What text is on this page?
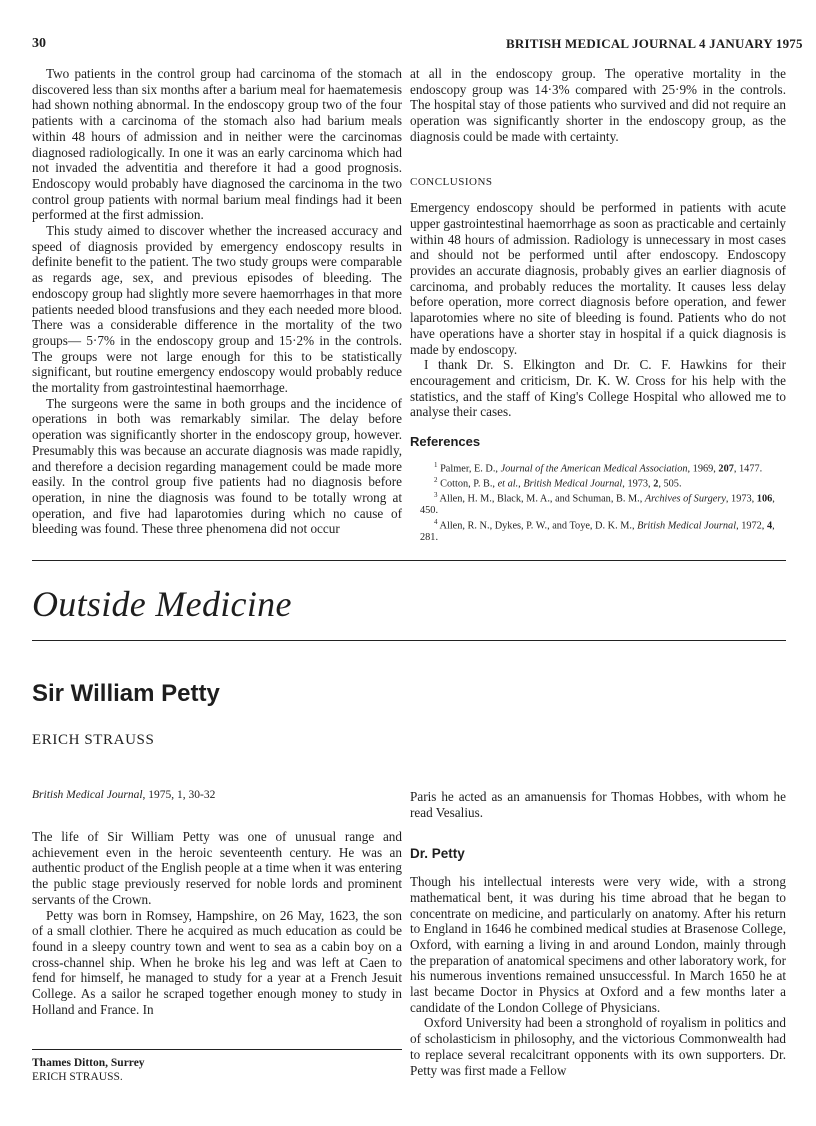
30	BRITISH MEDICAL JOURNAL 4 JANUARY 1975

Two patients in the control group had carcinoma of the stomach discovered less than six months after a barium meal for haematemesis had shown nothing abnormal. In the endoscopy group two of the four patients with a carcinoma of the stomach also had barium meals within 48 hours of admission and in neither were the carcinomas diagnosed radiologically. In one it was an early carcinoma which had not invaded the adventitia and therefore it had a good prognosis. Endoscopy would probably have diagnosed the carcinoma in the two control group patients with normal barium meal findings had it been performed at the first admission.

This study aimed to discover whether the increased accuracy and speed of diagnosis provided by emergency endoscopy results in definite benefit to the patient. The two study groups were comparable as regards age, sex, and previous episodes of bleeding. The endoscopy group had slightly more severe haemorrhages in that more patients needed blood transfusions and they each needed more blood. There was a considerable difference in the mortality of the two groups— 5·7% in the endoscopy group and 15·2% in the controls. The groups were not large enough for this to be statistically significant, but routine emergency endoscopy would probably reduce the mortality from gastrointestinal haemorrhage.

The surgeons were the same in both groups and the incidence of operations in both was remarkably similar. The delay before operation was significantly shorter in the endoscopy group, however. Presumably this was because an accurate diagnosis was made rapidly, and therefore a decision regarding management could be made more easily. In the control group five patients had no diagnosis before operation, in nine the diagnosis was found to be totally wrong at operation, and five had laparotomies during which no cause of bleeding was found. These three phenomena did not occur

at all in the endoscopy group. The operative mortality in the endoscopy group was 14·3% compared with 25·9% in the controls. The hospital stay of those patients who survived and did not require an operation was significantly shorter in the endoscopy group, as the diagnosis could be made with certainty.

CONCLUSIONS

Emergency endoscopy should be performed in patients with acute upper gastrointestinal haemorrhage as soon as practicable and certainly within 48 hours of admission. Radiology is unnecessary in most cases and should not be performed until after endoscopy. Endoscopy provides an accurate diagnosis, probably gives an earlier diagnosis of carcinoma, and probably reduces the mortality. It causes less delay before operation, more correct diagnosis before operation, and fewer laparotomies where no site of bleeding is found. Patients who do not have operations have a shorter stay in hospital if a quick diagnosis is made by endoscopy.

I thank Dr. S. Elkington and Dr. C. F. Hawkins for their encouragement and criticism, Dr. K. W. Cross for his help with the statistics, and the staff of King's College Hospital who allowed me to analyse their cases.

References

$^1$ Palmer, E. D., Journal of the American Medical Association, 1969, 207, 1477.

$^2$ Cotton, P. B., et al., British Medical Journal, 1973, 2, 505.

$^3$ Allen, H. M., Black, M. A., and Schuman, B. M., Archives of Surgery, 1973, 106, 450.

$^4$ Allen, R. N., Dykes, P. W., and Toye, D. K. M., British Medical Journal, 1972, 4, 281.

Outside Medicine
Sir William Petty
ERICH STRAUSS
British Medical Journal, 1975, 1, 30-32

The life of Sir William Petty was one of unusual range and achievement even in the heroic seventeenth century. He was an authentic product of the English people at a time when it was entering the public stage previously reserved for noble lords and prominent servants of the Crown.

Petty was born in Romsey, Hampshire, on 26 May, 1623, the son of a small clothier. There he acquired as much education as could be found in a sleepy country town and went to sea as a cabin boy on a cross-channel ship. When he broke his leg and was left at Caen to fend for himself, he managed to study for a year at a French Jesuit College. As a sailor he scraped together enough money to study in Holland and France. In

Thames Ditton, Surrey
ERICH STRAUSS.

Paris he acted as an amanuensis for Thomas Hobbes, with whom he read Vesalius.

Dr. Petty

Though his intellectual interests were very wide, with a strong mathematical bent, it was during his time abroad that he began to concentrate on medicine, and particularly on anatomy. After his return to England in 1646 he combined medical studies at Brasenose College, Oxford, with earning a living in and around London, mainly through the preparation of anatomical specimens and other laboratory work, for his numerous inventions remained unsuccessful. In March 1650 he at last became Doctor in Physics at Oxford and a few months later a candidate of the London College of Physicians.

Oxford University had been a stronghold of royalism in politics and of scholasticism in philosophy, and the victorious Commonwealth had to replace several recalcitrant opponents with its own supporters. Dr. Petty was first made a Fellow
